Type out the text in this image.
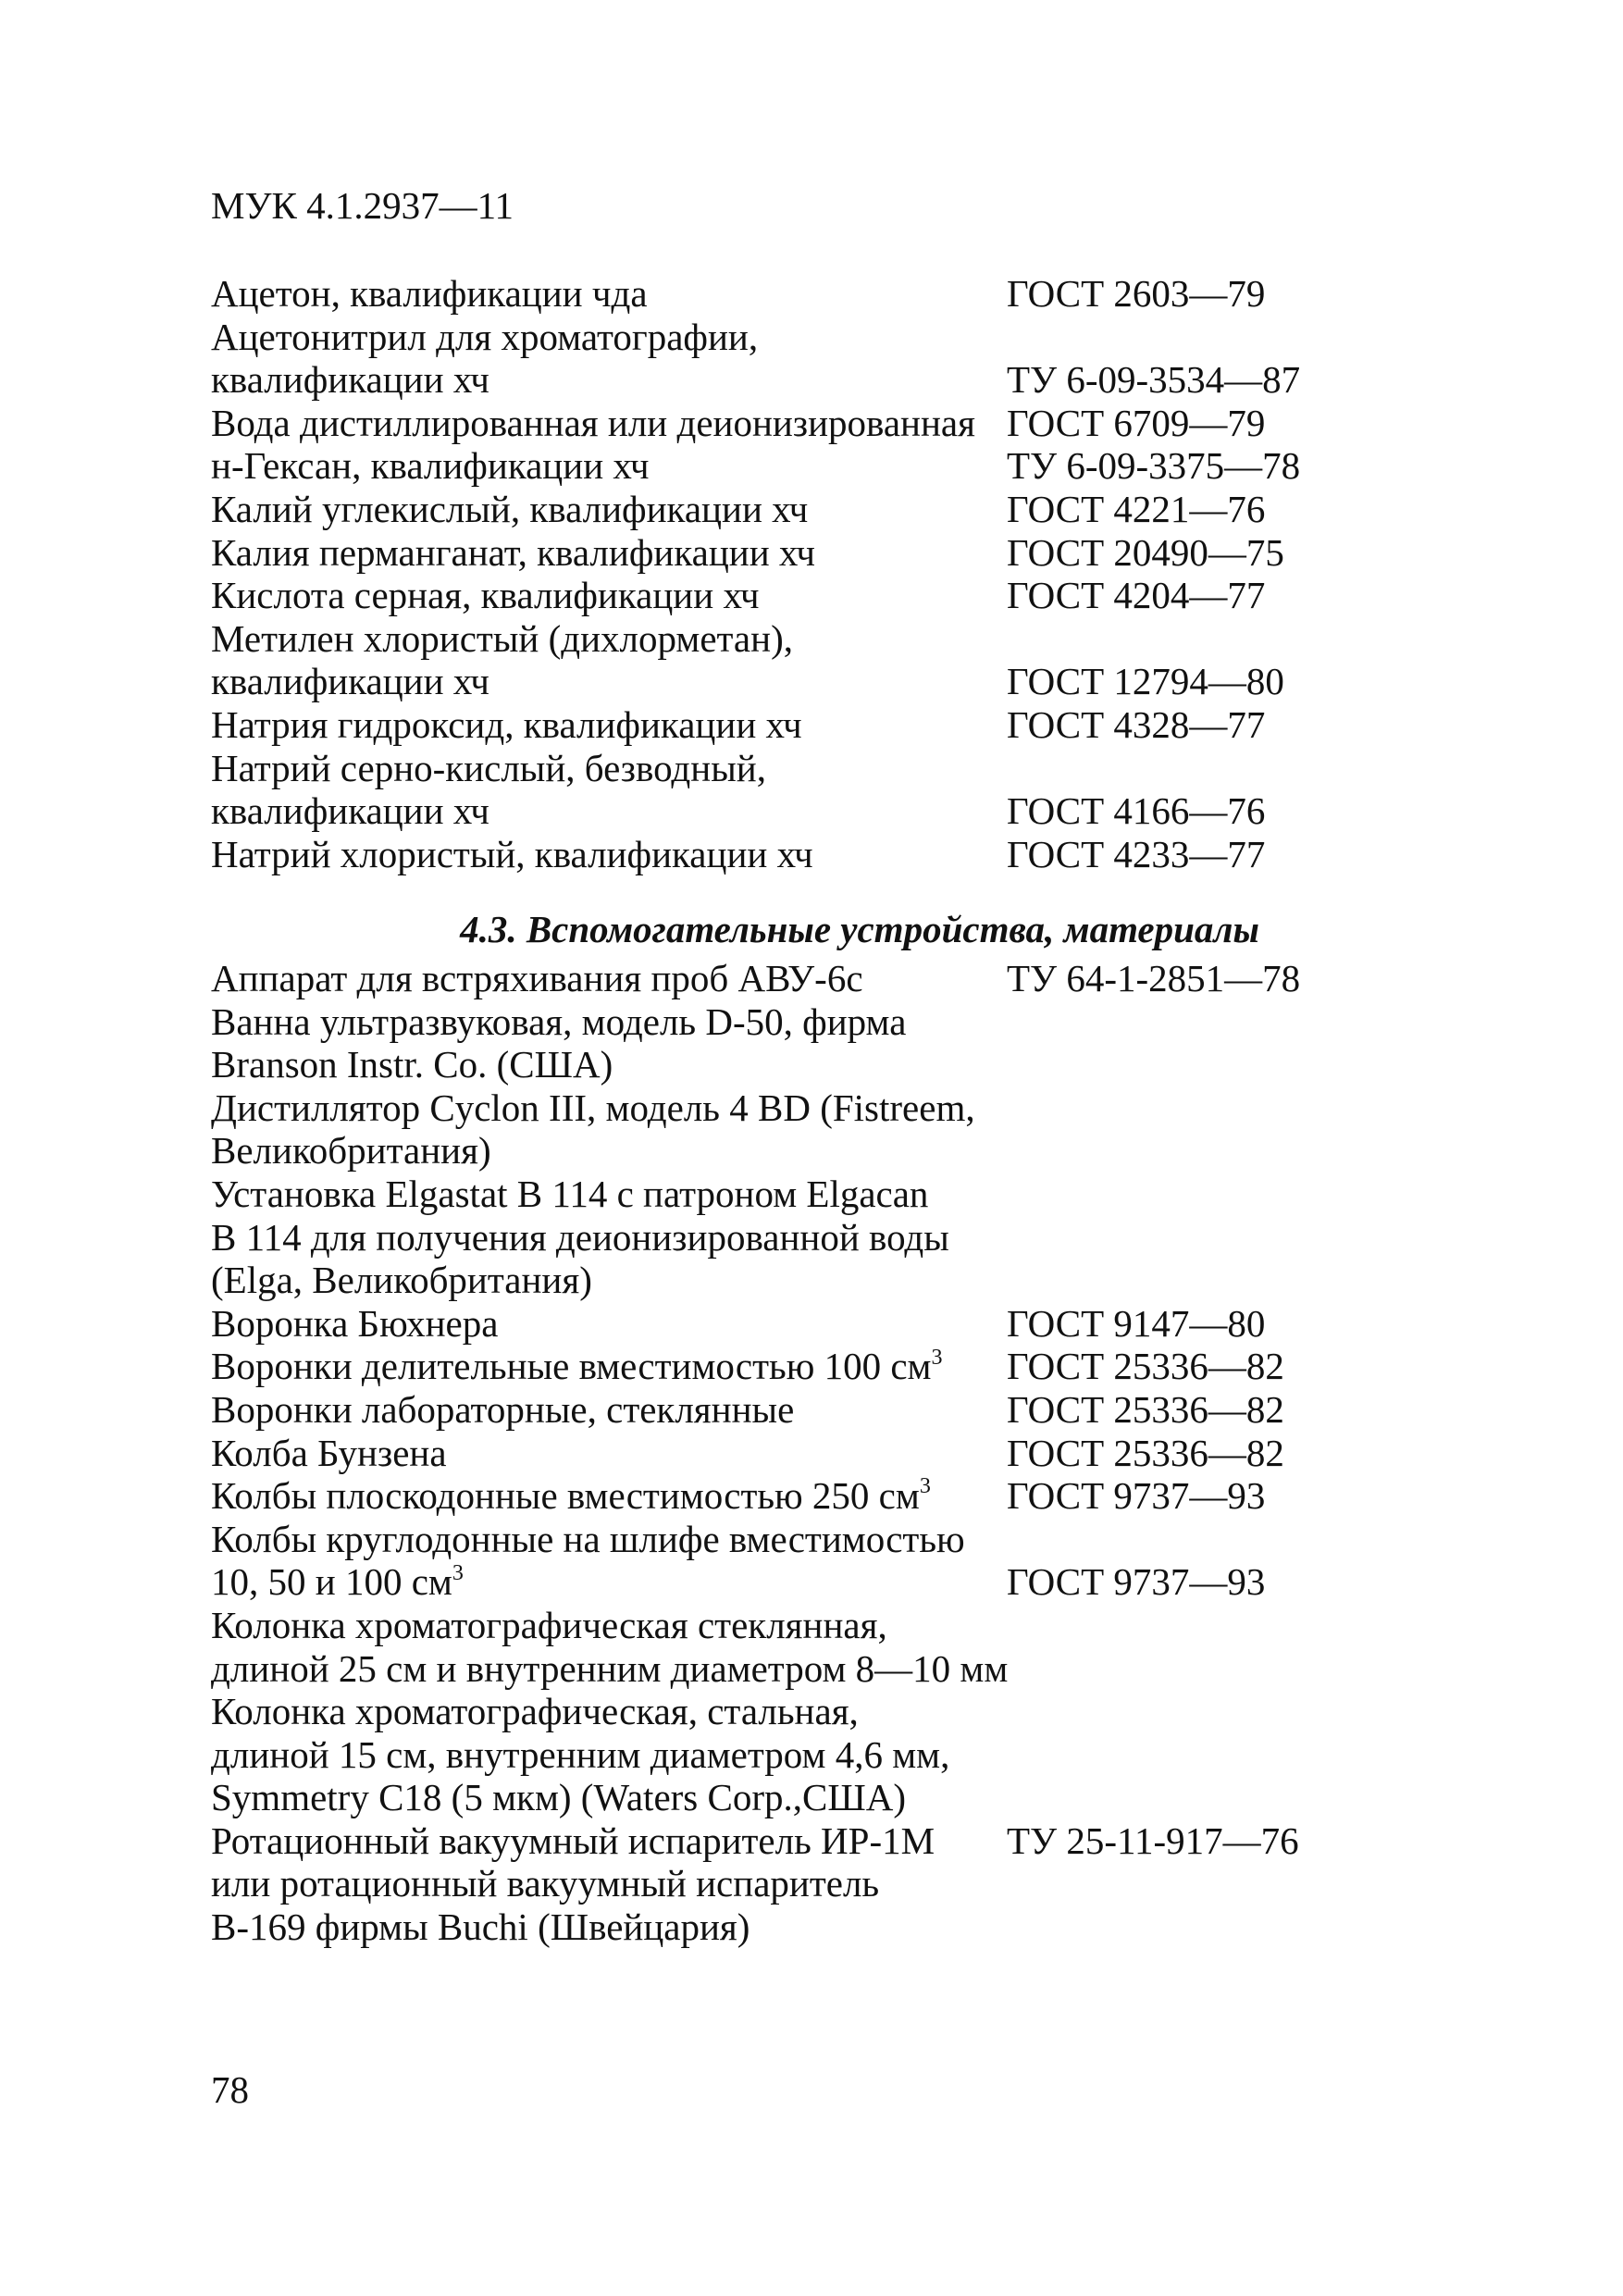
МУК 4.1.2937—11
Ацетон, квалификации чда	ГОСТ 2603—79
Ацетонитрил для хроматографии,
квалификации хч	ТУ 6-09-3534—87
Вода дистиллированная или деионизированная ГОСТ 6709—79
н-Гексан, квалификации хч	ТУ 6-09-3375—78
Калий углекислый, квалификации хч	ГОСТ 4221—76
Калия перманганат, квалификации хч	ГОСТ 20490—75
Кислота серная, квалификации хч	ГОСТ 4204—77
Метилен хлористый (дихлорметан),
квалификации хч	ГОСТ 12794—80
Натрия гидроксид, квалификации хч	ГОСТ 4328—77
Натрий серно-кислый, безводный,
квалификации хч	ГОСТ 4166—76
Натрий хлористый, квалификации хч	ГОСТ 4233—77
4.3. Вспомогательные устройства, материалы
Аппарат для встряхивания проб АВУ-6с	ТУ 64-1-2851—78
Ванна ультразвуковая, модель D-50, фирма
Branson Instr. Co. (США)
Дистиллятор Cyclon III, модель 4 BD (Fistreem,
Великобритания)
Установка Elgastat B 114 с патроном Elgacan
B 114 для получения деионизированной воды
(Elga, Великобритания)
Воронка Бюхнера	ГОСТ 9147—80
Воронки делительные вместимостью 100 $см^3$ ГОСТ 25336—82
Воронки лабораторные, стеклянные	ГОСТ 25336—82
Колба Бунзена	ГОСТ 25336—82
Колбы плоскодонные вместимостью 250 $см^3$ ГОСТ 9737—93
Колбы круглодонные на шлифе вместимостью
10, 50 и 100 $см^3$	ГОСТ 9737—93
Колонка хроматографическая стеклянная,
длиной 25 см и внутренним диаметром 8—10 мм
Колонка хроматографическая, стальная,
длиной 15 см, внутренним диаметром 4,6 мм,
Symmetry C18 (5 мкм) (Waters Corp.,США)
Ротационный вакуумный испаритель ИР-1М ТУ 25-11-917—76
или ротационный вакуумный испаритель
B-169 фирмы Buchi (Швейцария)
78
